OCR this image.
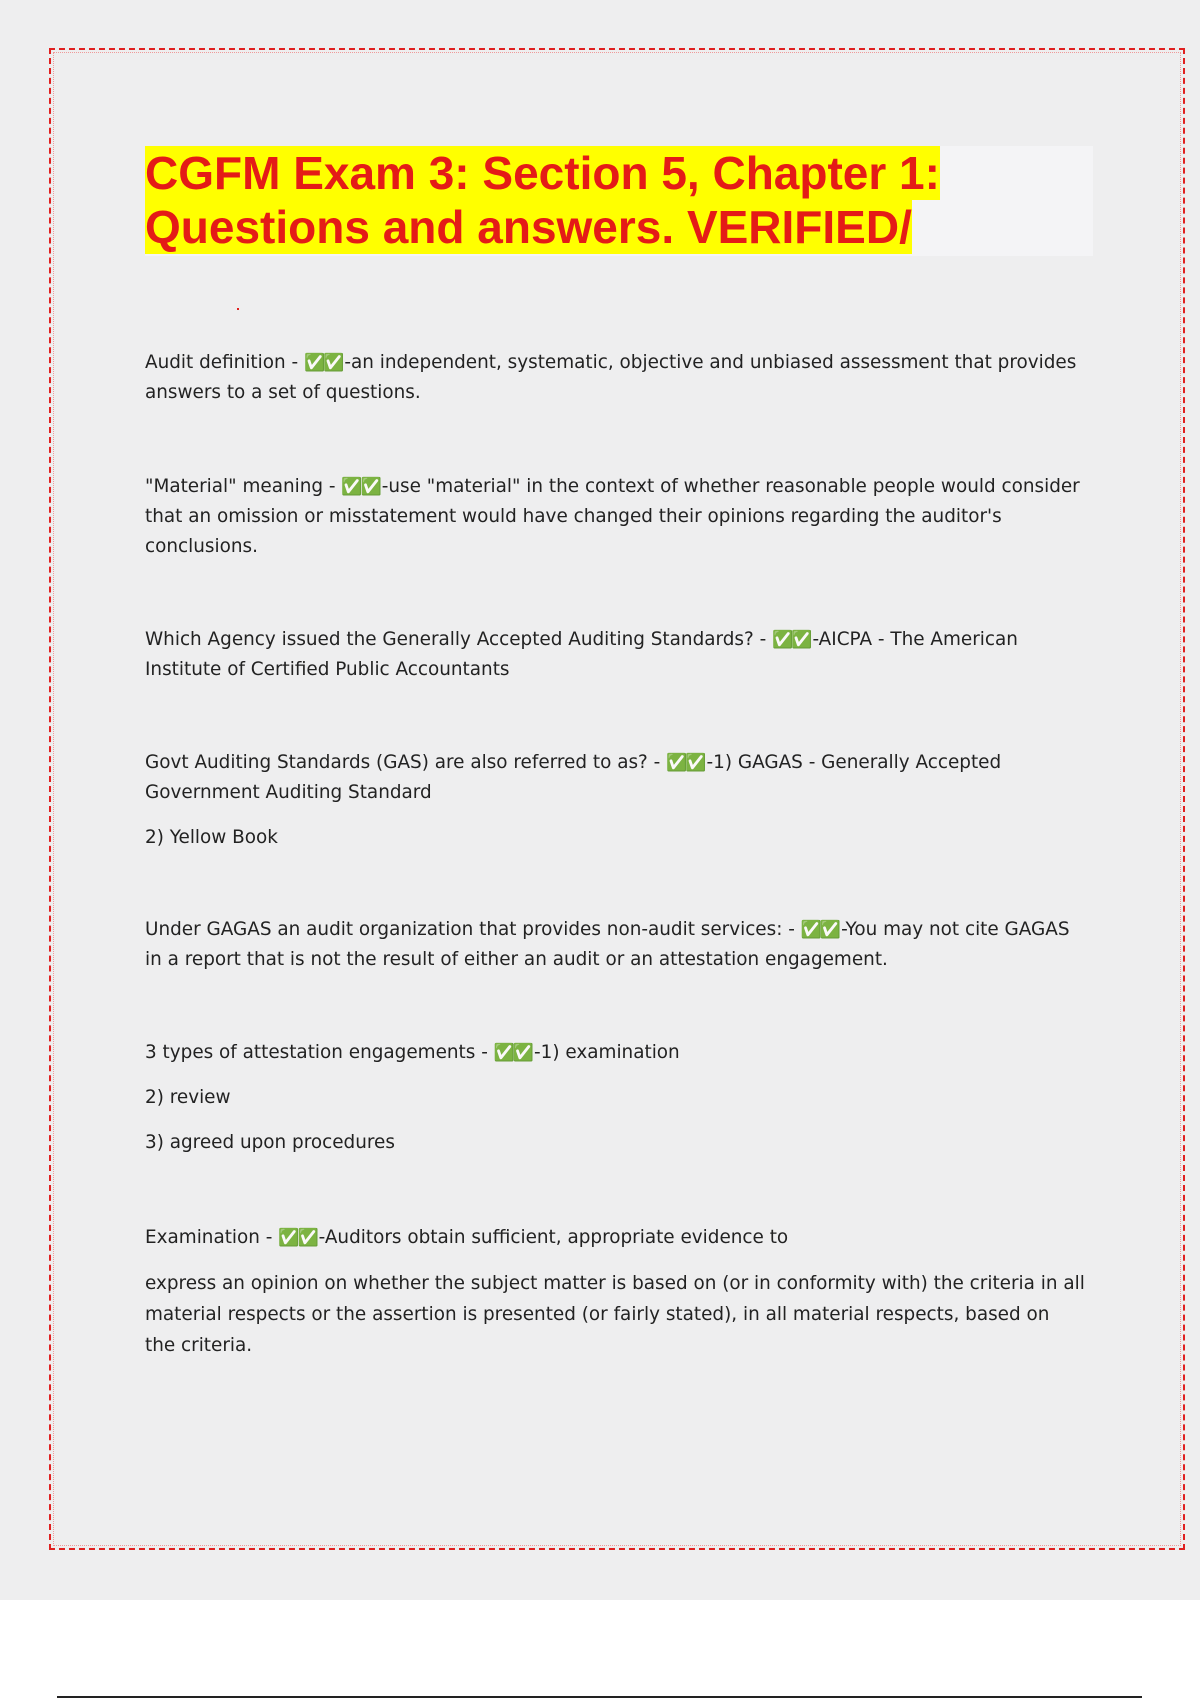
CGFM Exam 3: Section 5, Chapter 1:
Questions and answers. VERIFIED/

Audit definition - ✅✅ -an independent, systematic, objective and unbiased assessment that provides answers to a set of questions.

"Material" meaning - ✅✅ -use "material" in the context of whether reasonable people would consider that an omission or misstatement would have changed their opinions regarding the auditor's conclusions.

Which Agency issued the Generally Accepted Auditing Standards? - ✅✅ -AICPA - The American Institute of Certified Public Accountants

Govt Auditing Standards (GAS) are also referred to as? - ✅✅ -1) GAGAS - Generally Accepted Government Auditing Standard

2) Yellow Book

Under GAGAS an audit organization that provides non-audit services: - ✅✅ -You may not cite GAGAS in a report that is not the result of either an audit or an attestation engagement.

3 types of attestation engagements - ✅✅ -1) examination

2) review

3) agreed upon procedures

Examination - ✅✅ -Auditors obtain sufficient, appropriate evidence to

express an opinion on whether the subject matter is based on (or in conformity with) the criteria in all material respects or the assertion is presented (or fairly stated), in all material respects, based on the criteria.
